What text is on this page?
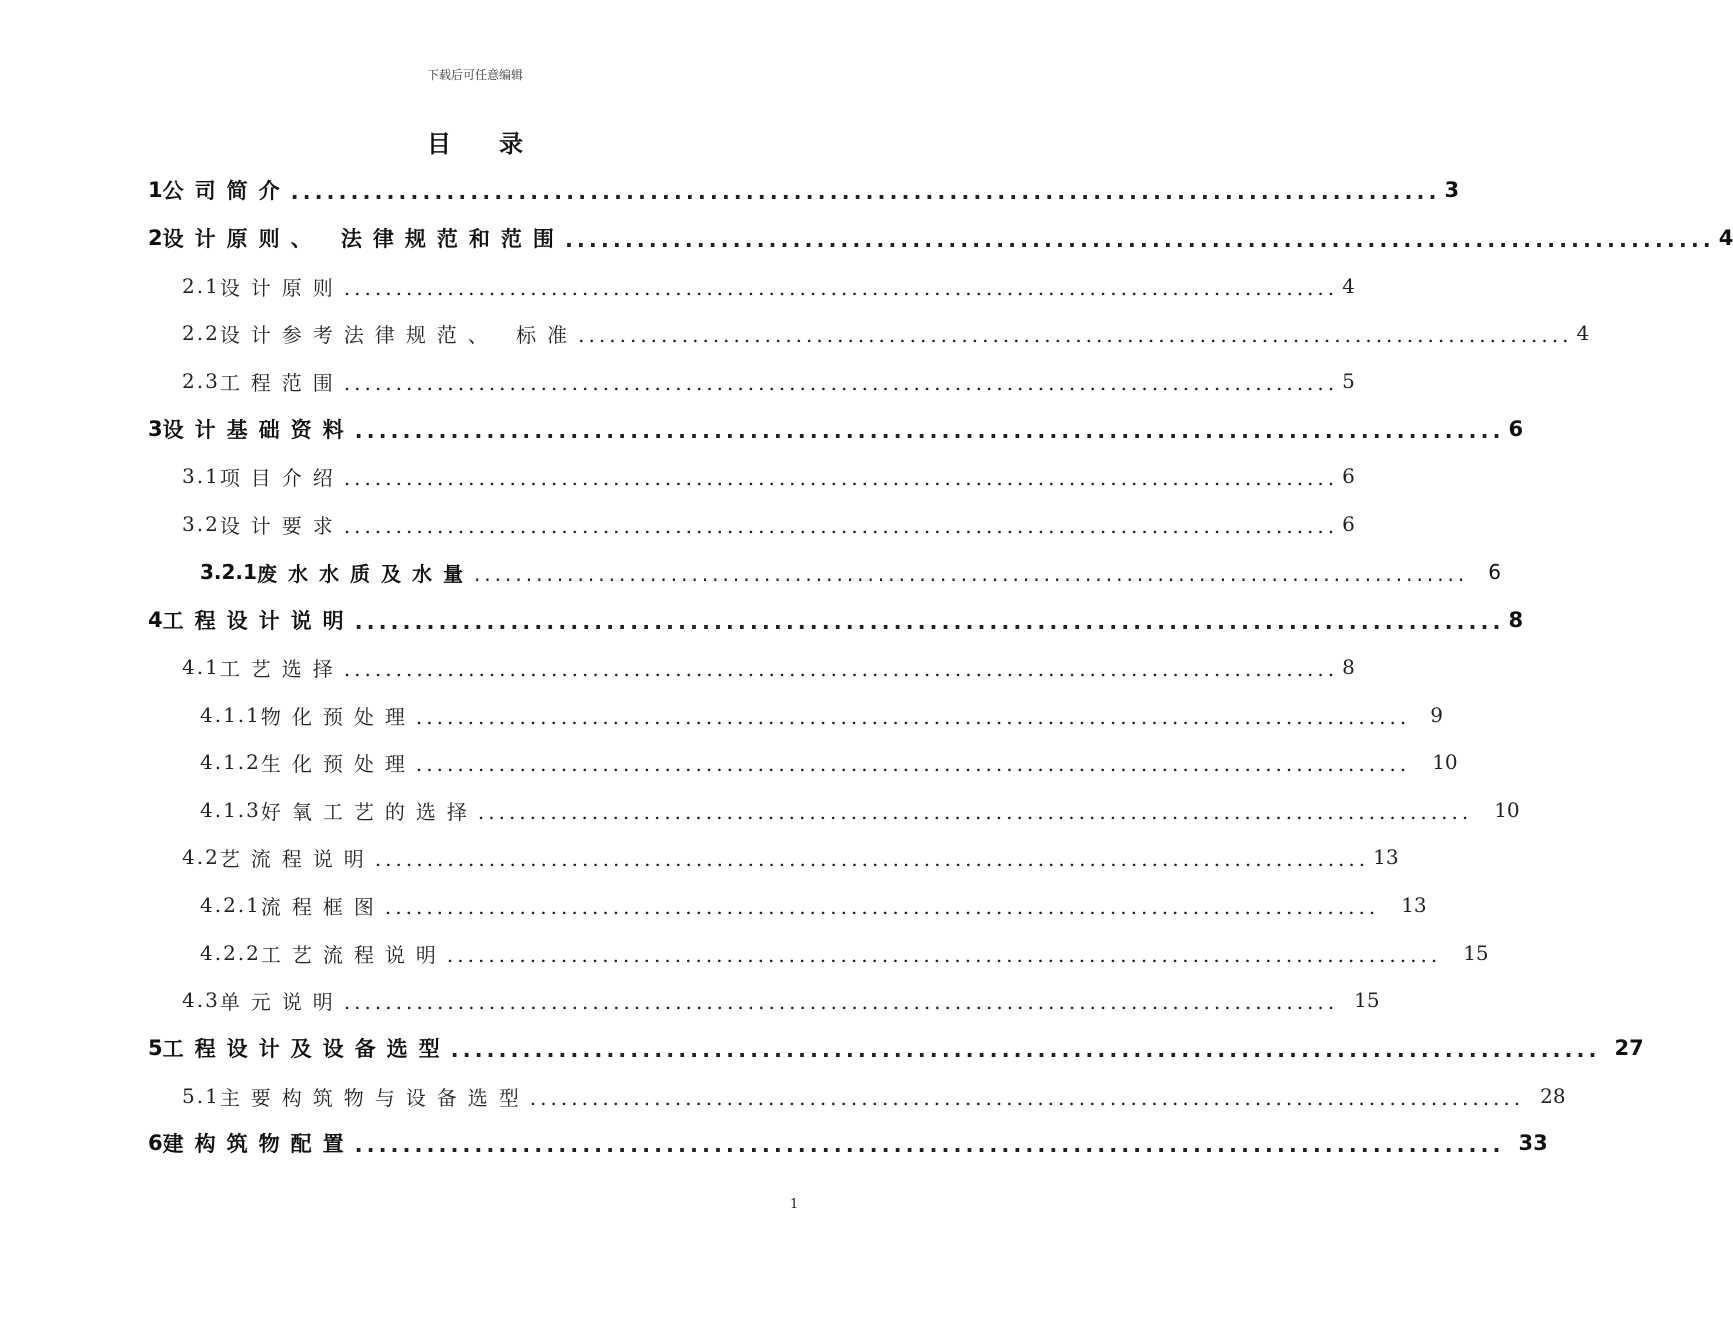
下载后可任意编辑
目录
1 公司简介 ................................................................................................ 3
2 设计原则、 法律规范和范围 ................................................................................................ 4
2.1 设计原则 ................................................................................................ 4
2.2 设计参考法律规范、 标准 ................................................................................................ 4
2.3 工程范围 ................................................................................................ 5
3 设计基础资料 ................................................................................................ 6
3.1 项目介绍 ................................................................................................ 6
3.2 设计要求 ................................................................................................ 6
3.2.1 废水水质及水量 ................................................................................................ 6
4 工程设计说明 ................................................................................................ 8
4.1 工艺选择 ................................................................................................ 8
4.1.1 物化预处理 ................................................................................................ 9
4.1.2 生化预处理 ................................................................................................ 10
4.1.3 好氧工艺的选择 ................................................................................................ 10
4.2 艺流程说明 ................................................................................................ 13
4.2.1 流程框图 ................................................................................................ 13
4.2.2 工艺流程说明 ................................................................................................ 15
4.3 单元说明 ................................................................................................ 15
5 工程设计及设备选型 ................................................................................................ 27
5.1 主要构筑物与设备选型 ................................................................................................ 28
6 建构筑物配置 ................................................................................................ 33
1
